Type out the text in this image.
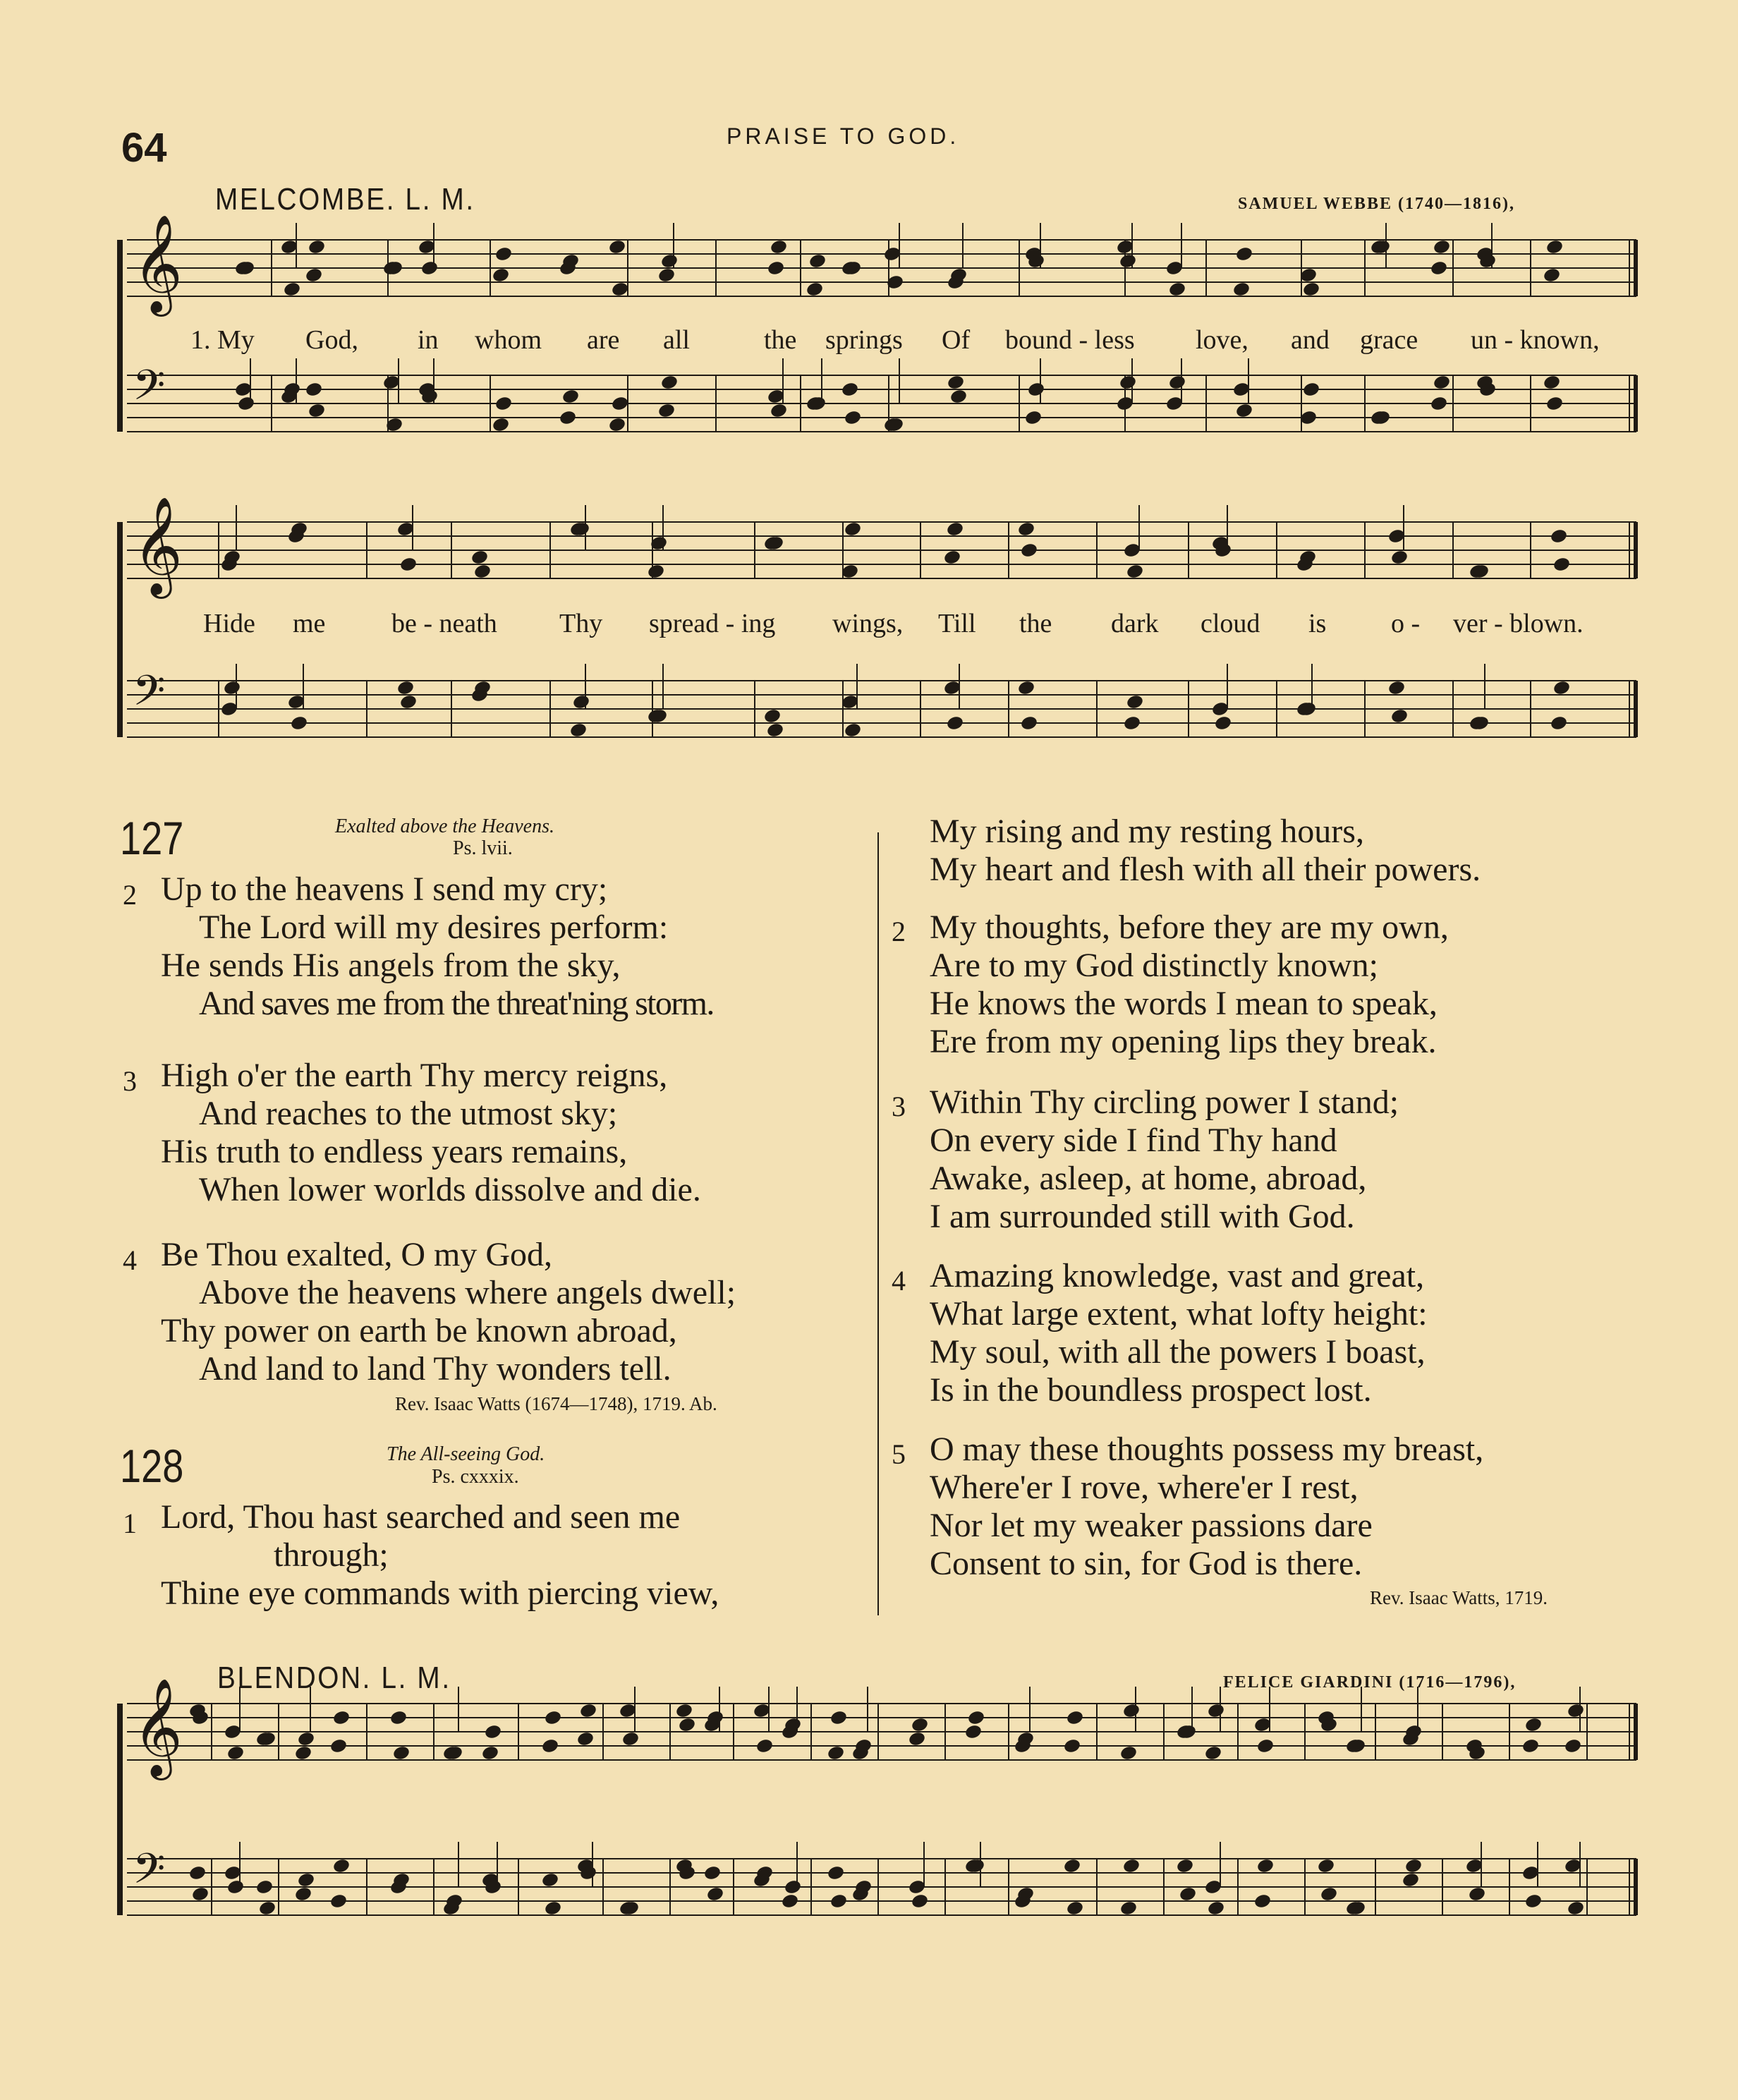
64	PRAISE TO GOD.
MELCOMBE. L. M.	SAMUEL WEBBE (1740—1816),
𝄞
𝄢
1. My God, in whom are all	the springs Of bound - less love, and grace un - known,
𝄞
𝄢
Hide me be - neath Thy spread - ing wings, Till the dark cloud is o - ver - blown.
127	Exalted above the Heavens.
Ps. lvii.
2 Up to the heavens I send my cry;
The Lord will my desires perform:
He sends His angels from the sky,
And saves me from the threat'ning storm.
3 High o'er the earth Thy mercy reigns,
And reaches to the utmost sky;
His truth to endless years remains,
When lower worlds dissolve and die.
4 Be Thou exalted, O my God,
Above the heavens where angels dwell;
Thy power on earth be known abroad,
And land to land Thy wonders tell.
Rev. Isaac Watts (1674—1748), 1719. Ab.
128	The All-seeing God.
Ps. cxxxix.
1 Lord, Thou hast searched and seen me
through;
Thine eye commands with piercing view,
My rising and my resting hours,
My heart and flesh with all their powers.
2 My thoughts, before they are my own,
Are to my God distinctly known;
He knows the words I mean to speak,
Ere from my opening lips they break.
3 Within Thy circling power I stand;
On every side I find Thy hand
Awake, asleep, at home, abroad,
I am surrounded still with God.
4 Amazing knowledge, vast and great,
What large extent, what lofty height:
My soul, with all the powers I boast,
Is in the boundless prospect lost.
5 O may these thoughts possess my breast,
Where'er I rove, where'er I rest,
Nor let my weaker passions dare
Consent to sin, for God is there.
Rev. Isaac Watts, 1719.
BLENDON. L. M.	FELICE GIARDINI (1716—1796),
𝄞
𝄢
